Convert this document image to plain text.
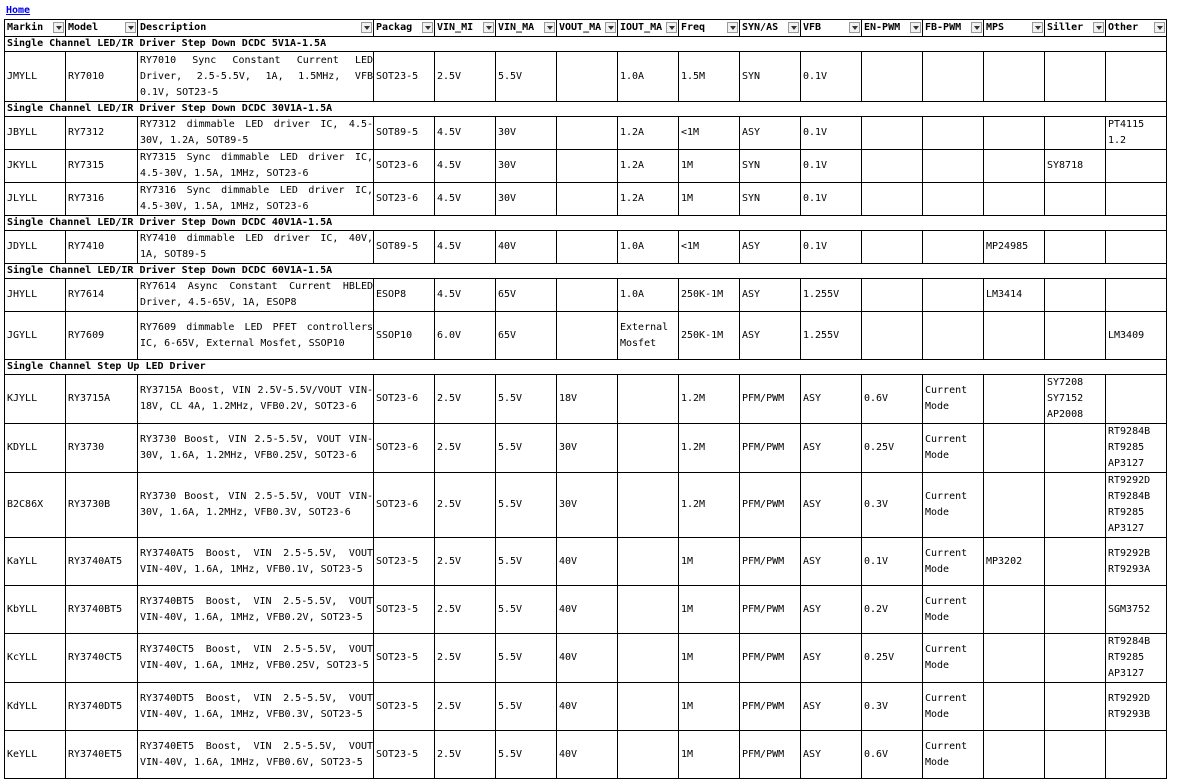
Home
Markin	Model	Description	Packag	VIN_MI	VIN_MA	VOUT_MA	IOUT_MA	Freq	SYN/AS	VFB	EN-PWM	FB-PWM	MPS	Siller	Other

Single Channel LED/IR Driver Step Down DCDC 5V1A-1.5A															
JMYLL	RY7010	RY7010 Sync Constant Current LED Driver, 2.5-5.5V, 1A, 1.5MHz, VFB 0.1V, SOT23-5	SOT23-5	2.5V	5.5V		1.0A	1.5M	SYN	0.1V					
Single Channel LED/IR Driver Step Down DCDC 30V1A-1.5A															
JBYLL	RY7312	RY7312 dimmable LED driver IC, 4.5-30V, 1.2A, SOT89-5	SOT89-5	4.5V	30V		1.2A	<1M	ASY	0.1V					PT4115 1.2
JKYLL	RY7315	RY7315 Sync dimmable LED driver IC, 4.5-30V, 1.5A, 1MHz, SOT23-6	SOT23-6	4.5V	30V		1.2A	1M	SYN	0.1V				SY8718	
JLYLL	RY7316	RY7316 Sync dimmable LED driver IC, 4.5-30V, 1.5A, 1MHz, SOT23-6	SOT23-6	4.5V	30V		1.2A	1M	SYN	0.1V					
Single Channel LED/IR Driver Step Down DCDC 40V1A-1.5A															
JDYLL	RY7410	RY7410 dimmable LED driver IC, 40V, 1A, SOT89-5	SOT89-5	4.5V	40V		1.0A	<1M	ASY	0.1V			MP24985		
Single Channel LED/IR Driver Step Down DCDC 60V1A-1.5A															
JHYLL	RY7614	RY7614 Async Constant Current HBLED Driver, 4.5-65V, 1A, ESOP8	ESOP8	4.5V	65V		1.0A	250K-1M	ASY	1.255V			LM3414		
JGYLL	RY7609	RY7609 dimmable LED PFET controllers IC, 6-65V, External Mosfet, SSOP10	SSOP10	6.0V	65V		External Mosfet	250K-1M	ASY	1.255V					LM3409
Single Channel Step Up LED Driver															
KJYLL	RY3715A	RY3715A Boost, VIN 2.5V-5.5V/VOUT VIN-18V, CL 4A, 1.2MHz, VFB0.2V, SOT23-6	SOT23-6	2.5V	5.5V	18V		1.2M	PFM/PWM	ASY	0.6V	Current Mode		SY7208 SY7152 AP2008	
KDYLL	RY3730	RY3730 Boost, VIN 2.5-5.5V, VOUT VIN-30V, 1.6A, 1.2MHz, VFB0.25V, SOT23-6	SOT23-6	2.5V	5.5V	30V		1.2M	PFM/PWM	ASY	0.25V	Current Mode			RT9284B RT9285 AP3127
B2C86X	RY3730B	RY3730 Boost, VIN 2.5-5.5V, VOUT VIN-30V, 1.6A, 1.2MHz, VFB0.3V, SOT23-6	SOT23-6	2.5V	5.5V	30V		1.2M	PFM/PWM	ASY	0.3V	Current Mode			RT9292D RT9284B RT9285 AP3127
KaYLL	RY3740AT5	RY3740AT5 Boost, VIN 2.5-5.5V, VOUT VIN-40V, 1.6A, 1MHz, VFB0.1V, SOT23-5	SOT23-5	2.5V	5.5V	40V		1M	PFM/PWM	ASY	0.1V	Current Mode	MP3202		RT9292B RT9293A
KbYLL	RY3740BT5	RY3740BT5 Boost, VIN 2.5-5.5V, VOUT VIN-40V, 1.6A, 1MHz, VFB0.2V, SOT23-5	SOT23-5	2.5V	5.5V	40V		1M	PFM/PWM	ASY	0.2V	Current Mode			SGM3752
KcYLL	RY3740CT5	RY3740CT5 Boost, VIN 2.5-5.5V, VOUT VIN-40V, 1.6A, 1MHz, VFB0.25V, SOT23-5	SOT23-5	2.5V	5.5V	40V		1M	PFM/PWM	ASY	0.25V	Current Mode			RT9284B RT9285 AP3127
KdYLL	RY3740DT5	RY3740DT5 Boost, VIN 2.5-5.5V, VOUT VIN-40V, 1.6A, 1MHz, VFB0.3V, SOT23-5	SOT23-5	2.5V	5.5V	40V		1M	PFM/PWM	ASY	0.3V	Current Mode			RT9292D RT9293B
KeYLL	RY3740ET5	RY3740ET5 Boost, VIN 2.5-5.5V, VOUT VIN-40V, 1.6A, 1MHz, VFB0.6V, SOT23-5	SOT23-5	2.5V	5.5V	40V		1M	PFM/PWM	ASY	0.6V	Current Mode			
